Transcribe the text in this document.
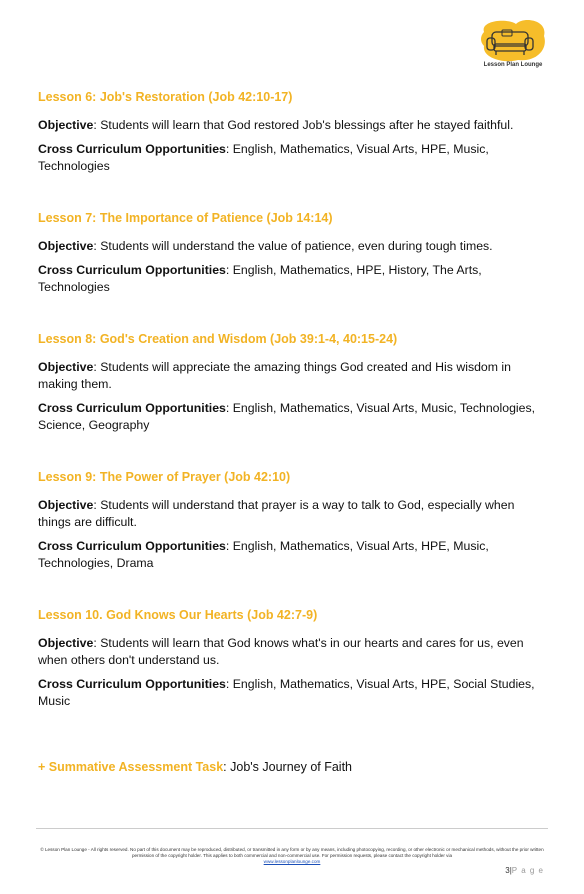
Lesson Plan Lounge

Lesson 6: Job's Restoration (Job 42:10-17)

Objective: Students will learn that God restored Job's blessings after he stayed faithful.

Cross Curriculum Opportunities: English, Mathematics, Visual Arts, HPE, Music, Technologies

Lesson 7: The Importance of Patience (Job 14:14)

Objective: Students will understand the value of patience, even during tough times.

Cross Curriculum Opportunities: English, Mathematics, HPE, History, The Arts, Technologies

Lesson 8: God's Creation and Wisdom (Job 39:1-4, 40:15-24)

Objective: Students will appreciate the amazing things God created and His wisdom in making them.

Cross Curriculum Opportunities: English, Mathematics, Visual Arts, Music, Technologies, Science, Geography

Lesson 9: The Power of Prayer (Job 42:10)

Objective: Students will understand that prayer is a way to talk to God, especially when things are difficult.

Cross Curriculum Opportunities: English, Mathematics, Visual Arts, HPE, Music, Technologies, Drama

Lesson 10. God Knows Our Hearts (Job 42:7-9)

Objective: Students will learn that God knows what's in our hearts and cares for us, even when others don't understand us.

Cross Curriculum Opportunities: English, Mathematics, Visual Arts, HPE, Social Studies, Music

+ Summative Assessment Task: Job's Journey of Faith
© Lesson Plan Lounge - All rights reserved. No part of this document may be reproduced, distributed, or transmitted in any form or by any means, including photocopying, recording, or other electronic or mechanical methods, without the prior written permission of the copyright holder. This applies to both commercial and non-commercial use. For permission requests, please contact the copyright holder via
www.lessonplanlounge.com
3|P a g e
